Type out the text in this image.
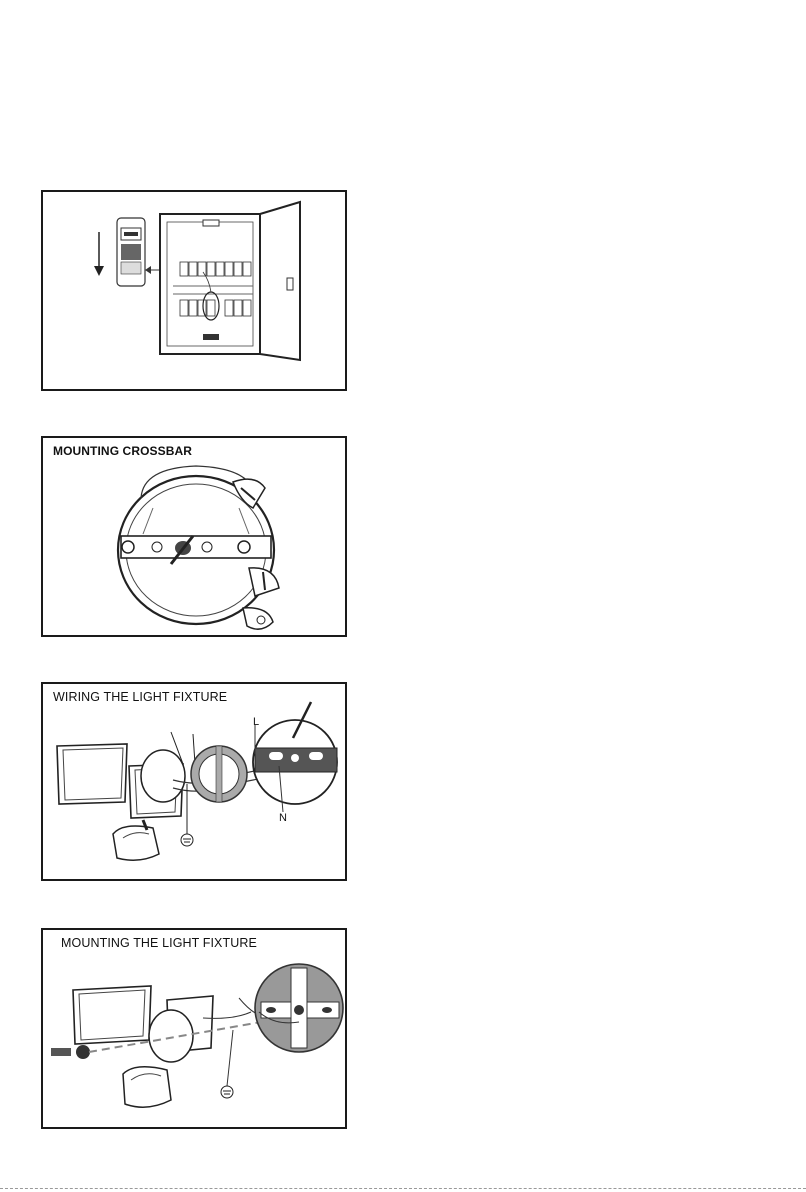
MOUNTING CROSSBAR
WIRING THE LIGHT FIXTURE
L
N
MOUNTING THE LIGHT FIXTURE
